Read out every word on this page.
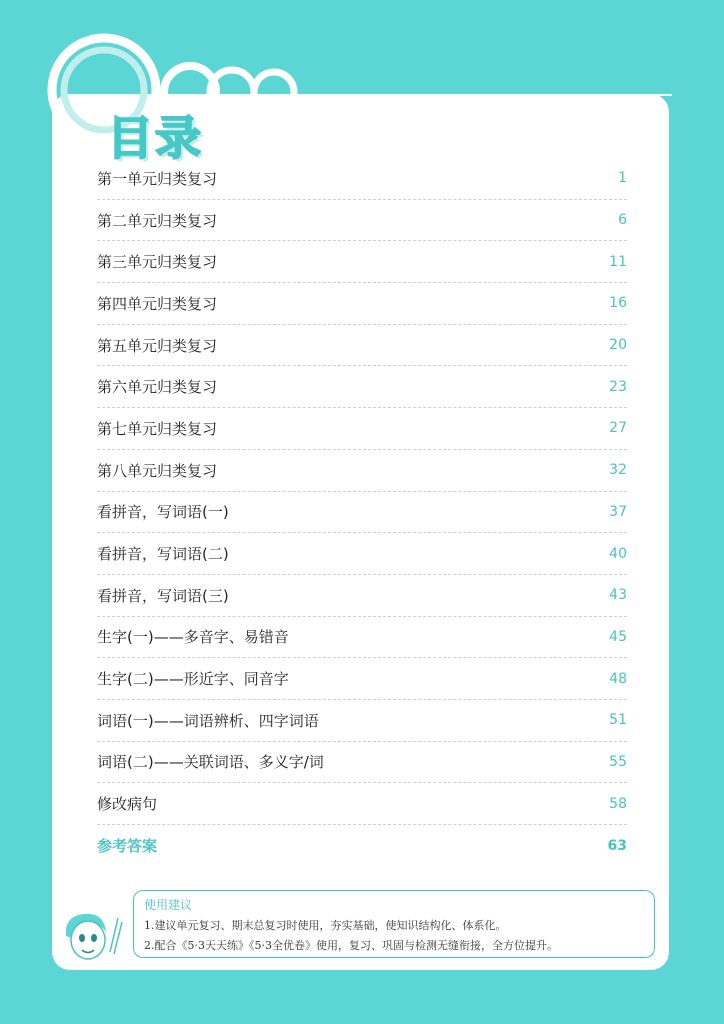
目录
第一单元归类复习	1
第二单元归类复习	6
第三单元归类复习	11
第四单元归类复习	16
第五单元归类复习	20
第六单元归类复习	23
第七单元归类复习	27
第八单元归类复习	32
看拼音，写词语(一)	37
看拼音，写词语(二)	40
看拼音，写词语(三)	43
生字(一)——多音字、易错音	45
生字(二)——形近字、同音字	48
词语(一)——词语辨析、四字词语	51
词语(二)——关联词语、多义字/词	55
修改病句	58
参考答案	63
使用建议
1.建议单元复习、期末总复习时使用，夯实基础，使知识结构化、体系化。
2.配合《5·3天天练》《5·3全优卷》使用，复习、巩固与检测无缝衔接，全方位提升。
